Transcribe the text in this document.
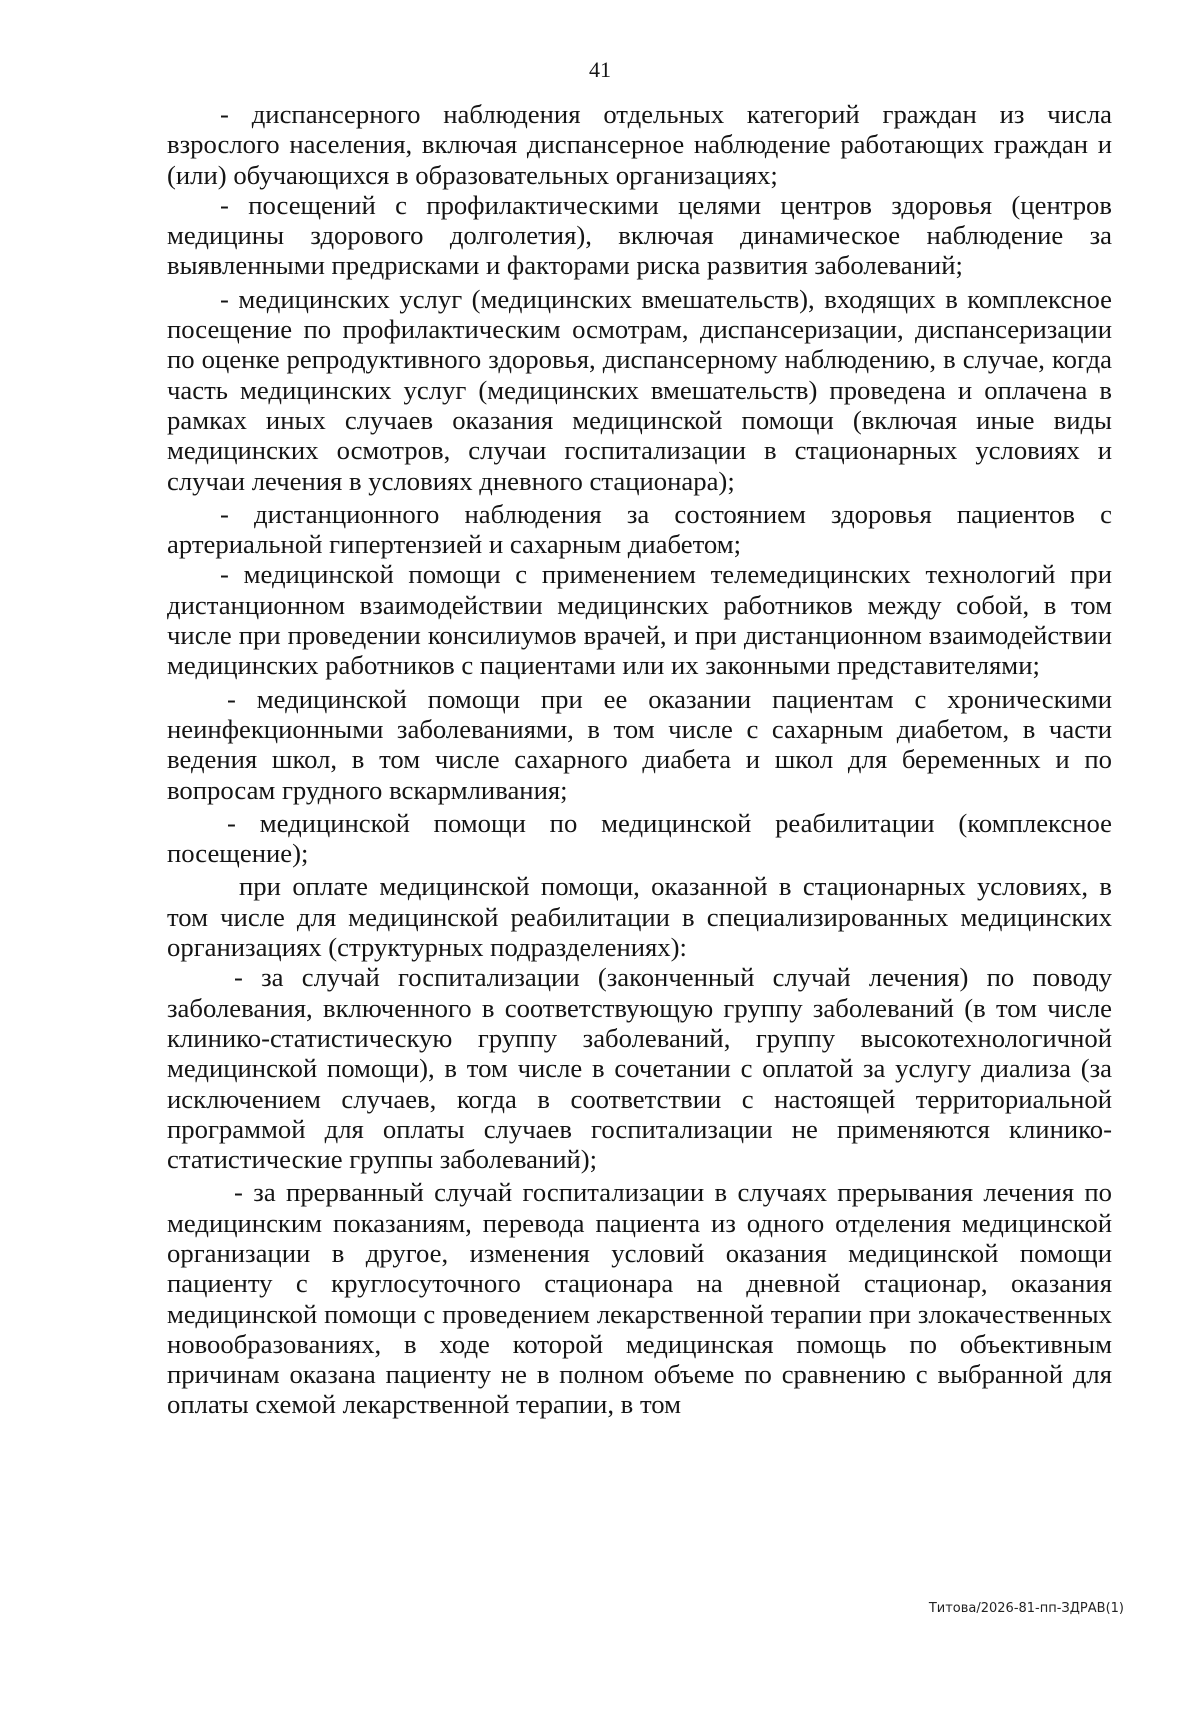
41

- диспансерного наблюдения отдельных категорий граждан из числа взрослого населения, включая диспансерное наблюдение работающих граждан и (или) обучающихся в образовательных организациях;

- посещений с профилактическими целями центров здоровья (центров медицины здорового долголетия), включая динамическое наблюдение за выявленными предрисками и факторами риска развития заболеваний;

- медицинских услуг (медицинских вмешательств), входящих в комплексное посещение по профилактическим осмотрам, диспансеризации, диспансеризации по оценке репродуктивного здоровья, диспансерному наблюдению, в случае, когда часть медицинских услуг (медицинских вмешательств) проведена и оплачена в рамках иных случаев оказания медицинской помощи (включая иные виды медицинских осмотров, случаи госпитализации в стационарных условиях и случаи лечения в условиях дневного стационара);

- дистанционного наблюдения за состоянием здоровья пациентов с артериальной гипертензией и сахарным диабетом;

- медицинской помощи с применением телемедицинских технологий при дистанционном взаимодействии медицинских работников между собой, в том числе при проведении консилиумов врачей, и при дистанционном взаимодействии медицинских работников с пациентами или их законными представителями;

- медицинской помощи при ее оказании пациентам с хроническими неинфекционными заболеваниями, в том числе с сахарным диабетом, в части ведения школ, в том числе сахарного диабета и школ для беременных и по вопросам грудного вскармливания;

- медицинской помощи по медицинской реабилитации (комплексное посещение);

при оплате медицинской помощи, оказанной в стационарных условиях, в том числе для медицинской реабилитации в специализированных медицинских организациях (структурных подразделениях):

- за случай госпитализации (законченный случай лечения) по поводу заболевания, включенного в соответствующую группу заболеваний (в том числе клинико-статистическую группу заболеваний, группу высокотехнологичной медицинской помощи), в том числе в сочетании с оплатой за услугу диализа (за исключением случаев, когда в соответствии с настоящей территориальной программой для оплаты случаев госпитализации не применяются клинико-статистические группы заболеваний);

- за прерванный случай госпитализации в случаях прерывания лечения по медицинским показаниям, перевода пациента из одного отделения медицинской организации в другое, изменения условий оказания медицинской помощи пациенту с круглосуточного стационара на дневной стационар, оказания медицинской помощи с проведением лекарственной терапии при злокачественных новообразованиях, в ходе которой медицинская помощь по объективным причинам оказана пациенту не в полном объеме по сравнению с выбранной для оплаты схемой лекарственной терапии, в том

Титова/2026-81-пп-ЗДРАВ(1)
